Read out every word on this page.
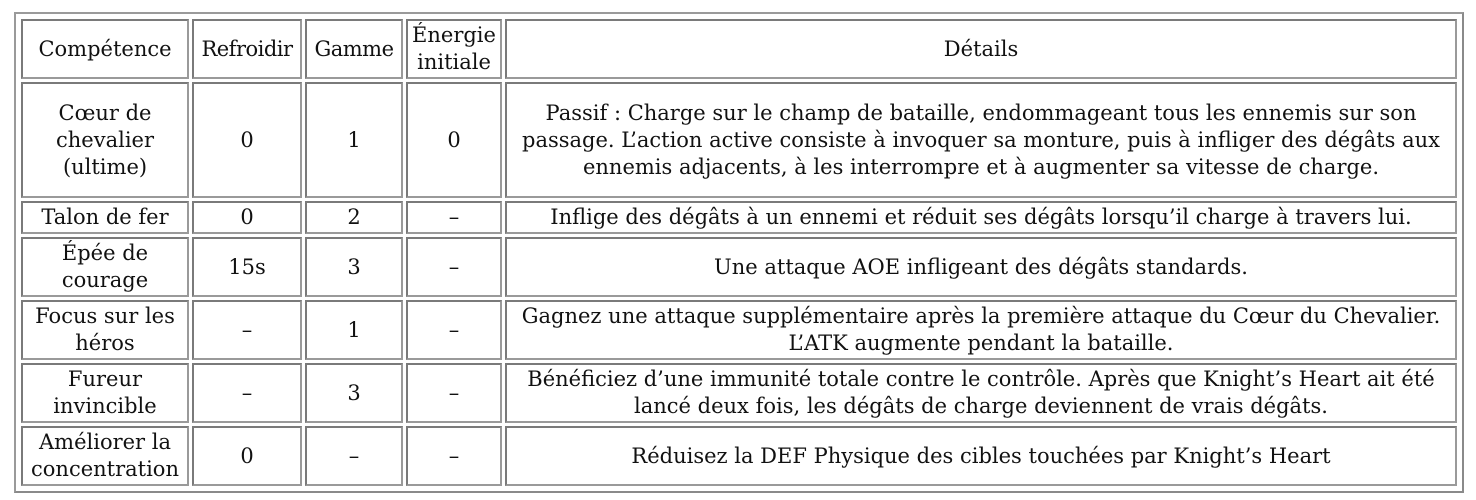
Compétence	Refroidir	Gamme	Énergie initiale	Détails
Cœur de chevalier (ultime)	0	1	0	Passif : Charge sur le champ de bataille, endommageant tous les ennemis sur son passage. L’action active consiste à invoquer sa monture, puis à infliger des dégâts aux ennemis adjacents, à les interrompre et à augmenter sa vitesse de charge.
Talon de fer	0	2	–	Inflige des dégâts à un ennemi et réduit ses dégâts lorsqu’il charge à travers lui.
Épée de courage	15s	3	–	Une attaque AOE infligeant des dégâts standards.
Focus sur les héros	–	1	–	Gagnez une attaque supplémentaire après la première attaque du Cœur du Chevalier. L’ATK augmente pendant la bataille.
Fureur invincible	–	3	–	Bénéficiez d’une immunité totale contre le contrôle. Après que Knight’s Heart ait été lancé deux fois, les dégâts de charge deviennent de vrais dégâts.
Améliorer la concentration	0	–	–	Réduisez la DEF Physique des cibles touchées par Knight’s Heart
